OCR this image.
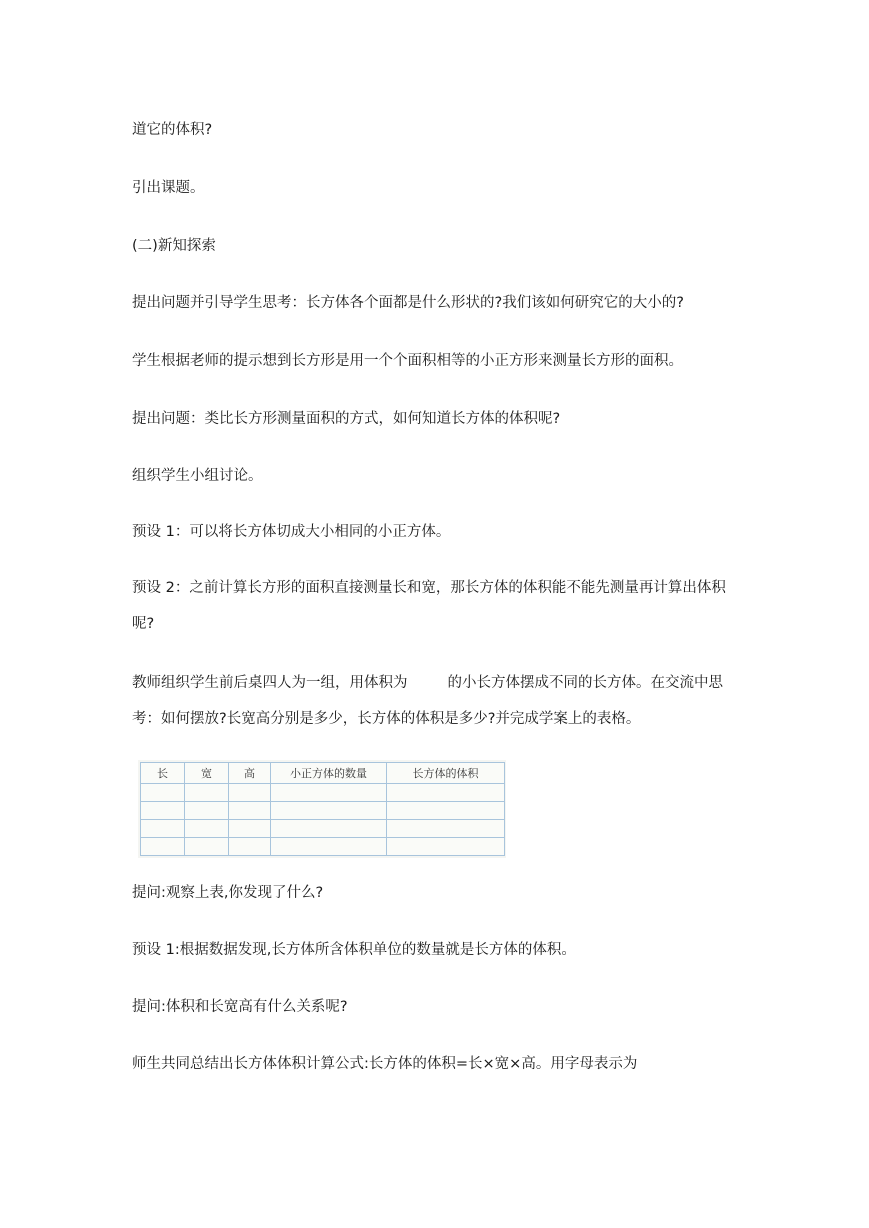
道它的体积?

引出课题。

(二)新知探索

提出问题并引导学生思考：长方体各个面都是什么形状的?我们该如何研究它的大小的?

学生根据老师的提示想到长方形是用一个个面积相等的小正方形来测量长方形的面积。

提出问题：类比长方形测量面积的方式，如何知道长方体的体积呢?

组织学生小组讨论。

预设 1：可以将长方体切成大小相同的小正方体。

预设 2：之前计算长方形的面积直接测量长和宽，那长方体的体积能不能先测量再计算出体积呢?

教师组织学生前后桌四人为一组，用体积为	的小长方体摆成不同的长方体。在交流中思考：如何摆放?长宽高分别是多少，长方体的体积是多少?并完成学案上的表格。

长	宽	高	小正方体的数量	长方体的体积

提问:观察上表,你发现了什么?

预设 1:根据数据发现,长方体所含体积单位的数量就是长方体的体积。

提问:体积和长宽高有什么关系呢?

师生共同总结出长方体体积计算公式:长方体的体积=长×宽×高。用字母表示为
